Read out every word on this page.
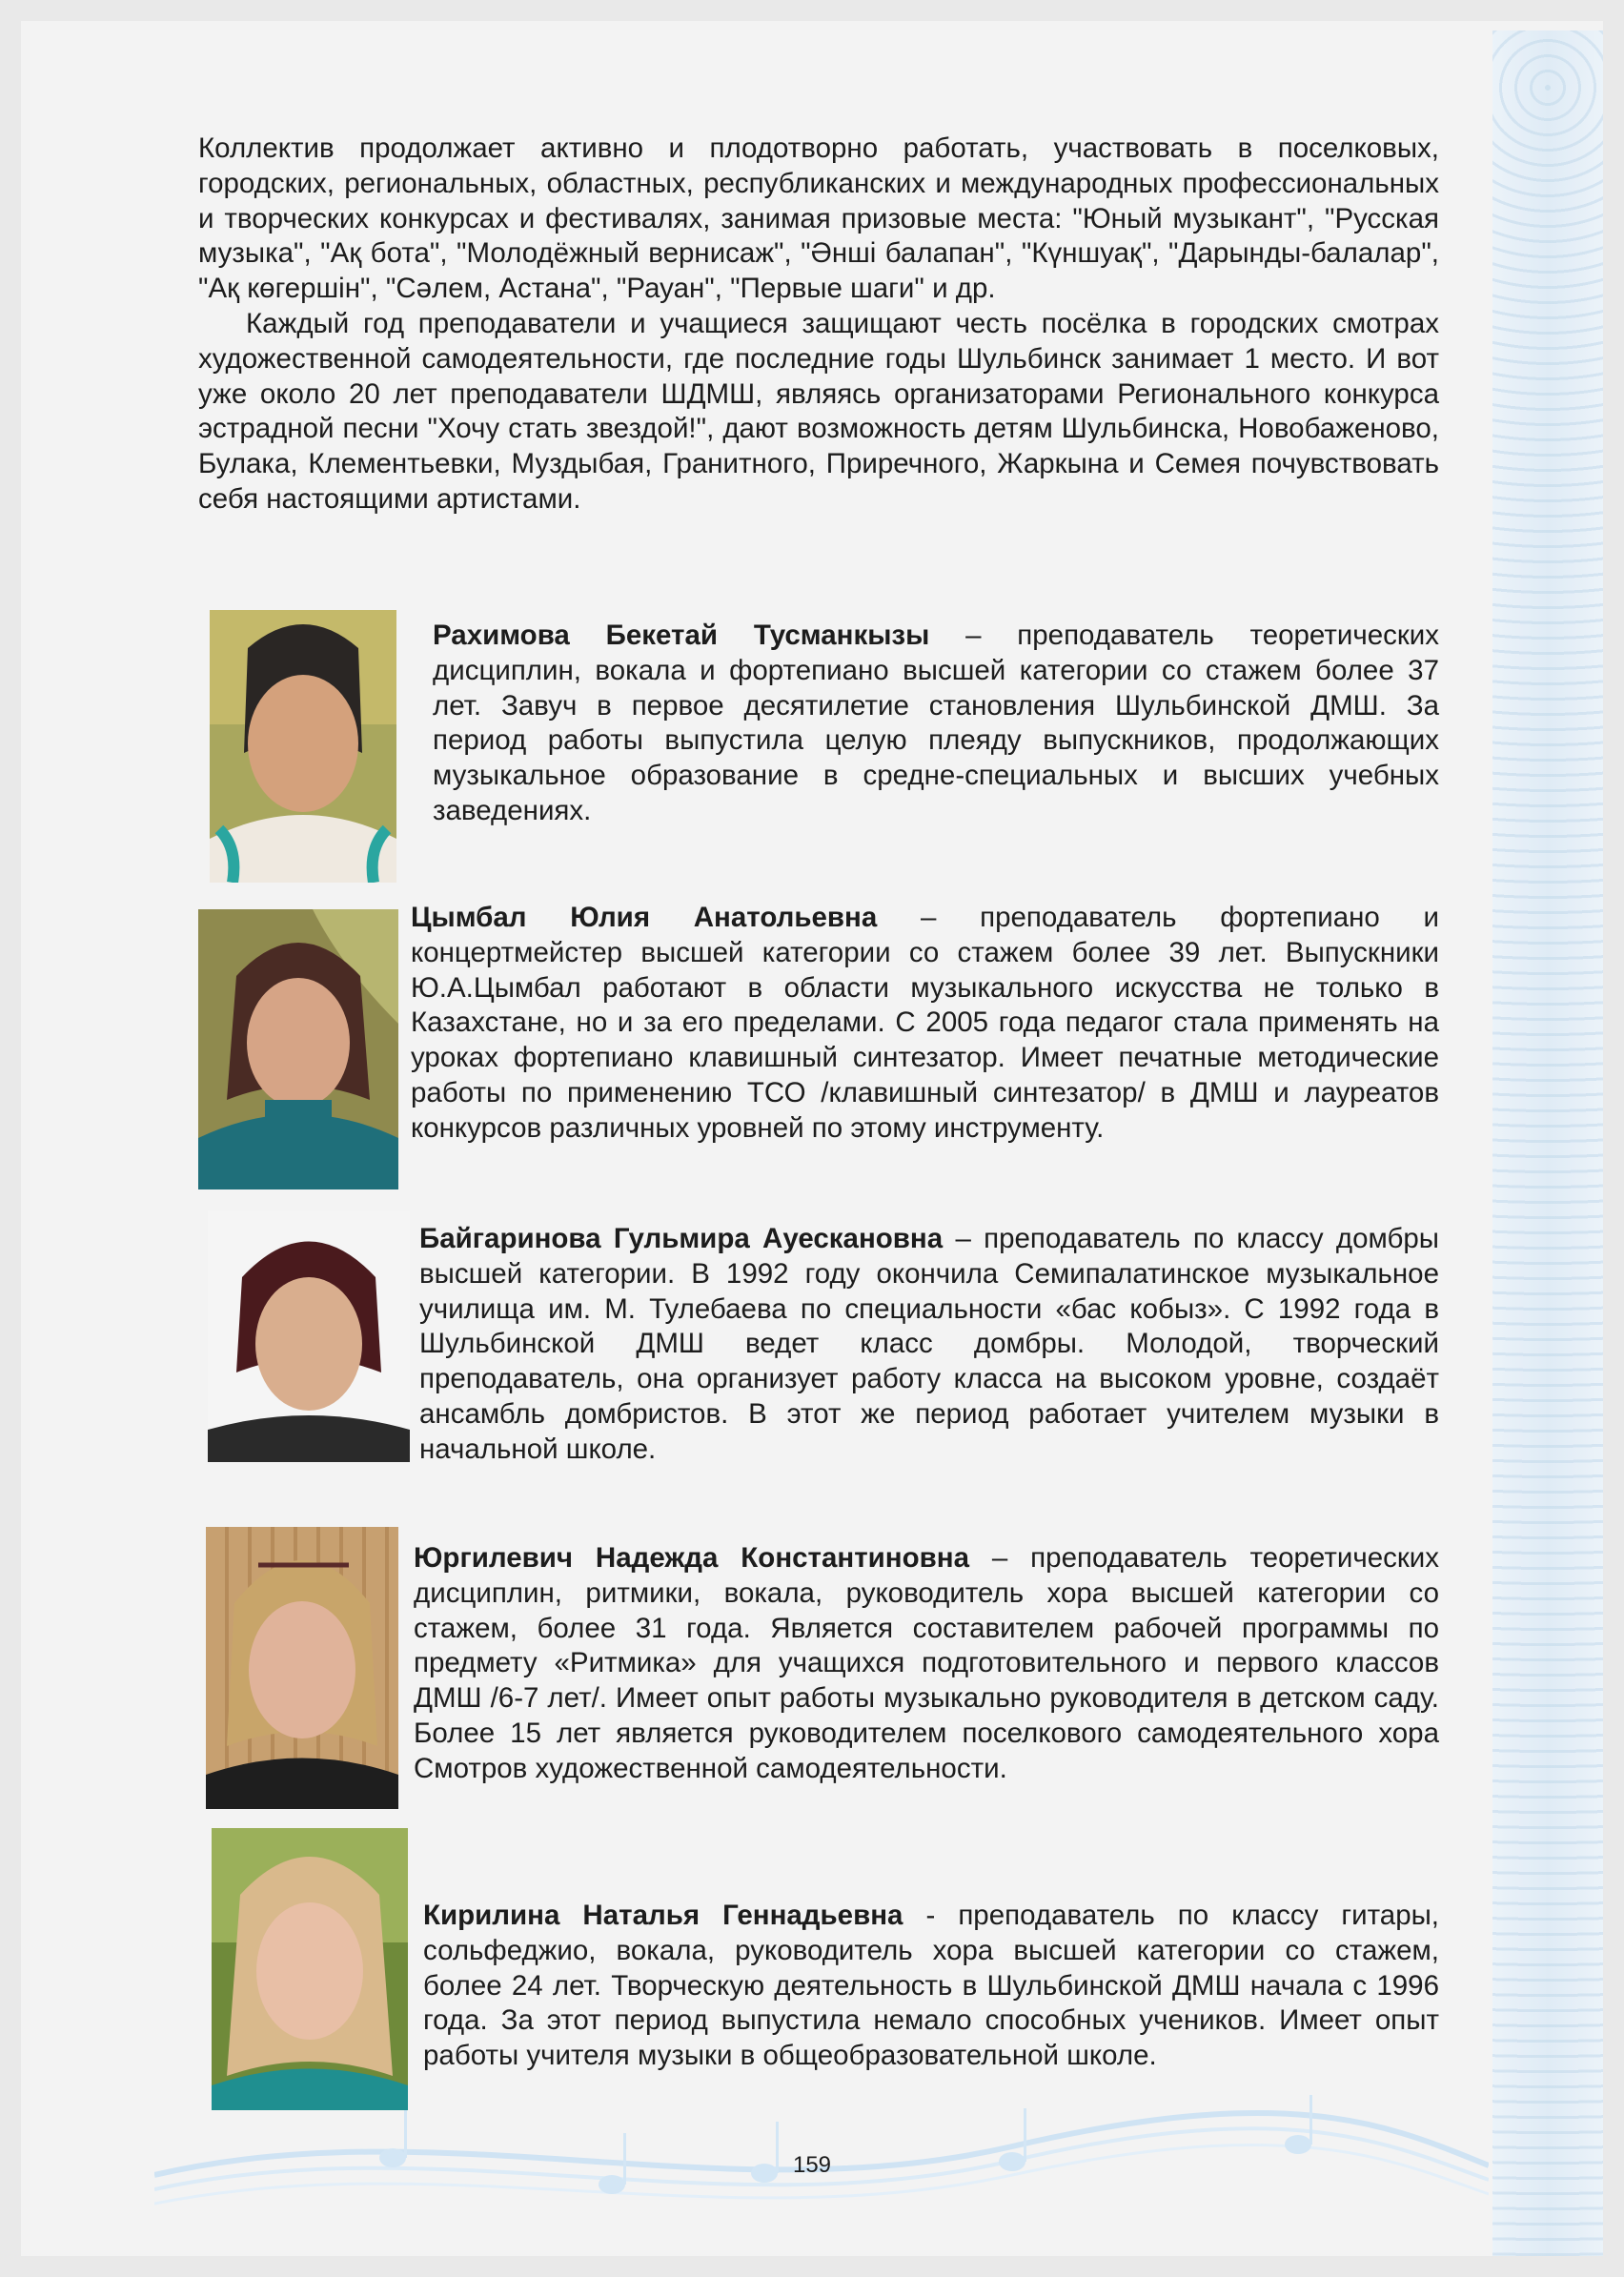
Коллектив продолжает активно и плодотворно работать, участвовать в поселковых, городских, региональных, областных, республиканских и международных профессиональных и творческих конкурсах и фестивалях, занимая призовые места: "Юный музыкант", "Русская музыка", "Ақ бота", "Молодёжный вернисаж", "Әнші балапан", "Күншуақ", "Дарынды-балалар", "Ақ көгершін", "Сәлем, Астана", "Рауан", "Первые шаги" и др.

Каждый год преподаватели и учащиеся защищают честь посёлка в городских смотрах художественной самодеятельности, где последние годы Шульбинск занимает 1 место. И вот уже около 20 лет преподаватели ШДМШ, являясь организаторами Регионального конкурса эстрадной песни "Хочу стать звездой!", дают возможность детям Шульбинска, Новобаженово, Булака, Клементьевки, Муздыбая, Гранитного, Приречного, Жаркына и Семея почувствовать себя настоящими артистами.

Рахимова Бекетай Тусманкызы – преподаватель теоретических дисциплин, вокала и фортепиано высшей категории со стажем более 37 лет. Завуч в первое десятилетие становления Шульбинской ДМШ. За период работы выпустила целую плеяду выпускников, продолжающих музыкальное образование в средне-специальных и высших учебных заведениях.

Цымбал Юлия Анатольевна – преподаватель фортепиано и концертмейстер высшей категории со стажем более 39 лет. Выпускники Ю.А.Цымбал работают в области музыкального искусства не только в Казахстане, но и за его пределами. С 2005 года педагог стала применять на уроках фортепиано клавишный синтезатор. Имеет печатные методические работы по применению ТСО /клавишный синтезатор/ в ДМШ и лауреатов конкурсов различных уровней по этому инструменту.

Байгаринова Гульмира Ауескановна – преподаватель по классу домбры высшей категории. В 1992 году окончила Семипалатинское музыкальное училища им. М. Тулебаева по специальности «бас кобыз». С 1992 года в Шульбинской ДМШ ведет класс домбры. Молодой, творческий преподаватель, она организует работу класса на высоком уровне, создаёт ансамбль домбристов. В этот же период работает учителем музыки в начальной школе.

Юргилевич Надежда Константиновна – преподаватель теоретических дисциплин, ритмики, вокала, руководитель хора высшей категории со стажем, более 31 года. Является составителем рабочей программы по предмету «Ритмика» для учащихся подготовительного и первого классов ДМШ /6-7 лет/. Имеет опыт работы музыкально руководителя в детском саду. Более 15 лет является руководителем поселкового самодеятельного хора Смотров художественной самодеятельности.

Кирилина Наталья Геннадьевна - преподаватель по классу гитары, сольфеджио, вокала, руководитель хора высшей категории со стажем, более 24 лет. Творческую деятельность в Шульбинской ДМШ начала с 1996 года. За этот период выпустила немало способных учеников. Имеет опыт работы учителя музыки в общеобразовательной школе.

159
